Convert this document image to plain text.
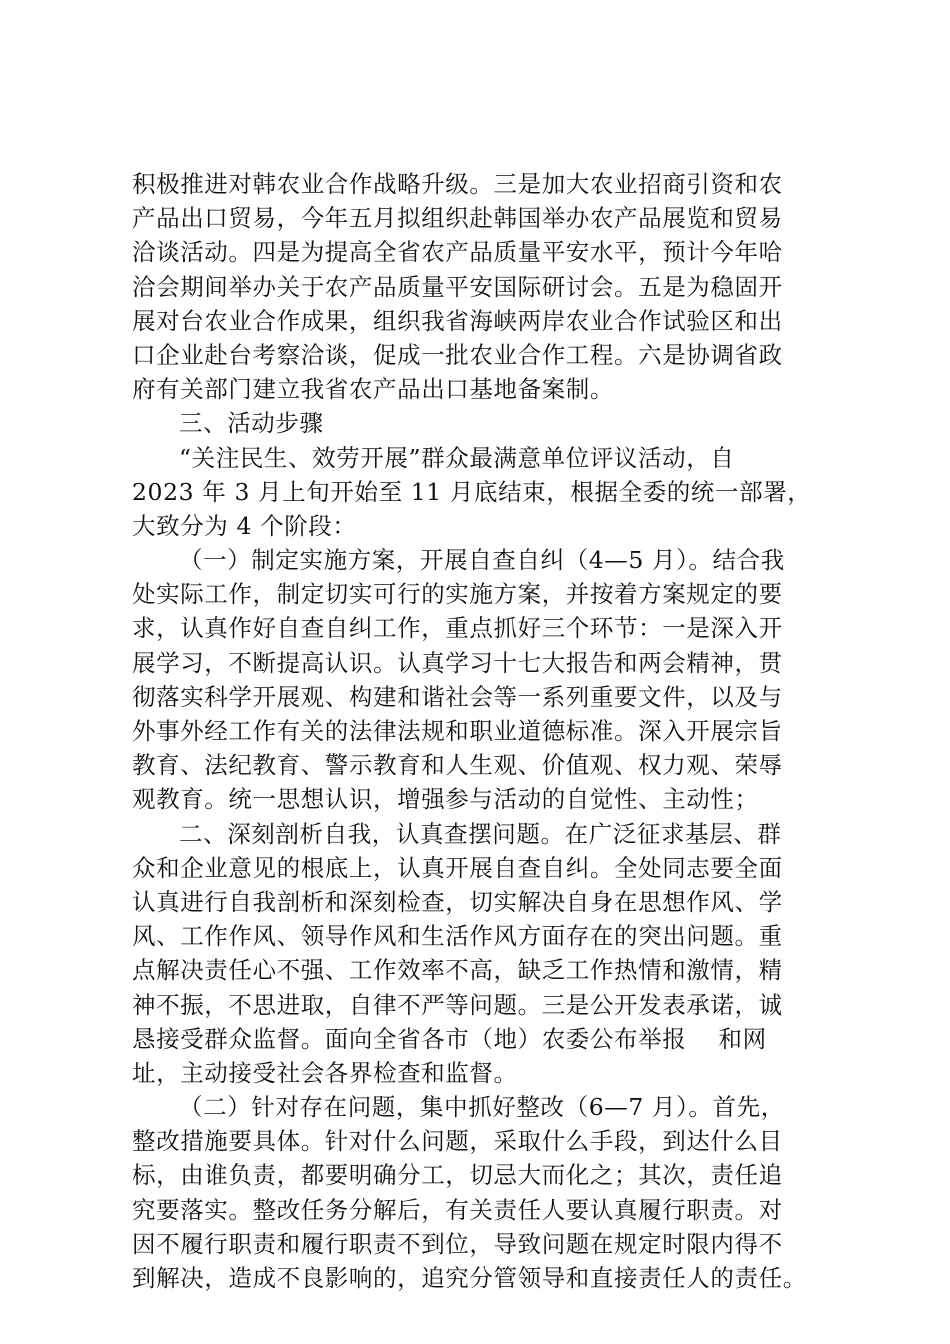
积极推进对韩农业合作战略升级。三是加大农业招商引资和农
产品出口贸易，今年五月拟组织赴韩国举办农产品展览和贸易
洽谈活动。四是为提高全省农产品质量平安水平，预计今年哈
洽会期间举办关于农产品质量平安国际研讨会。五是为稳固开
展对台农业合作成果，组织我省海峡两岸农业合作试验区和出
口企业赴台考察洽谈，促成一批农业合作工程。六是协调省政
府有关部门建立我省农产品出口基地备案制。
三、活动步骤
“关注民生、效劳开展”群众最满意单位评议活动，自
2023 年 3 月上旬开始至 11 月底结束，根据全委的统一部署，
大致分为 4 个阶段：
（一）制定实施方案，开展自查自纠（4—5 月）。结合我
处实际工作，制定切实可行的实施方案，并按着方案规定的要
求，认真作好自查自纠工作，重点抓好三个环节：一是深入开
展学习，不断提高认识。认真学习十七大报告和两会精神，贯
彻落实科学开展观、构建和谐社会等一系列重要文件，以及与
外事外经工作有关的法律法规和职业道德标准。深入开展宗旨
教育、法纪教育、警示教育和人生观、价值观、权力观、荣辱
观教育。统一思想认识，增强参与活动的自觉性、主动性；
二、深刻剖析自我，认真查摆问题。在广泛征求基层、群
众和企业意见的根底上，认真开展自查自纠。全处同志要全面
认真进行自我剖析和深刻检查，切实解决自身在思想作风、学
风、工作作风、领导作风和生活作风方面存在的突出问题。重
点解决责任心不强、工作效率不高，缺乏工作热情和激情，精
神不振，不思进取，自律不严等问题。三是公开发表承诺，诚
恳接受群众监督。面向全省各市（地）农委公布举报　 和网
址，主动接受社会各界检查和监督。
（二）针对存在问题，集中抓好整改（6—7 月）。首先，
整改措施要具体。针对什么问题，采取什么手段，到达什么目
标，由谁负责，都要明确分工，切忌大而化之；其次，责任追
究要落实。整改任务分解后，有关责任人要认真履行职责。对
因不履行职责和履行职责不到位，导致问题在规定时限内得不
到解决，造成不良影响的，追究分管领导和直接责任人的责任。
